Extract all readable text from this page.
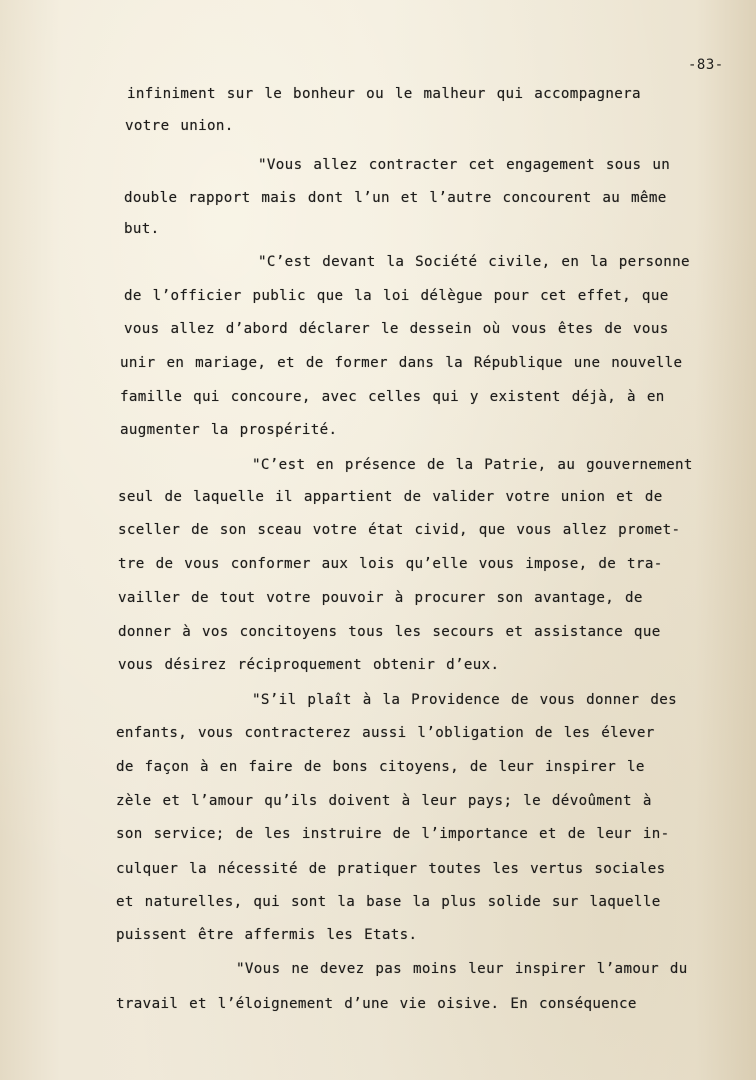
-83-
infiniment sur le bonheur ou le malheur qui accompagnera
votre union.
"Vous allez contracter cet engagement sous un
double rapport mais dont l’un et l’autre concourent au même
but.
"C’est devant la Société civile, en la personne
de l’officier public que la loi délègue pour cet effet, que
vous allez d’abord déclarer le dessein où vous êtes de vous
unir en mariage, et de former dans la République une nouvelle
famille qui concoure, avec celles qui y existent déjà, à en
augmenter la prospérité.
"C’est en présence de la Patrie, au gouvernement
seul de laquelle il appartient de valider votre union et de
sceller de son sceau votre état civid, que vous allez promet-
tre de vous conformer aux lois qu’elle vous impose, de tra-
vailler de tout votre pouvoir à procurer son avantage, de
donner à vos concitoyens tous les secours et assistance que
vous désirez réciproquement obtenir d’eux.
"S’il plaît à la Providence de vous donner des
enfants, vous contracterez aussi l’obligation de les élever
de façon à en faire de bons citoyens, de leur inspirer le
zèle et l’amour qu’ils doivent à leur pays; le dévoûment à
son service; de les instruire de l’importance et de leur in-
culquer la nécessité de pratiquer toutes les vertus sociales
et naturelles, qui sont la base la plus solide sur laquelle
puissent être affermis les Etats.
"Vous ne devez pas moins leur inspirer l’amour du
travail et l’éloignement d’une vie oisive. En conséquence
